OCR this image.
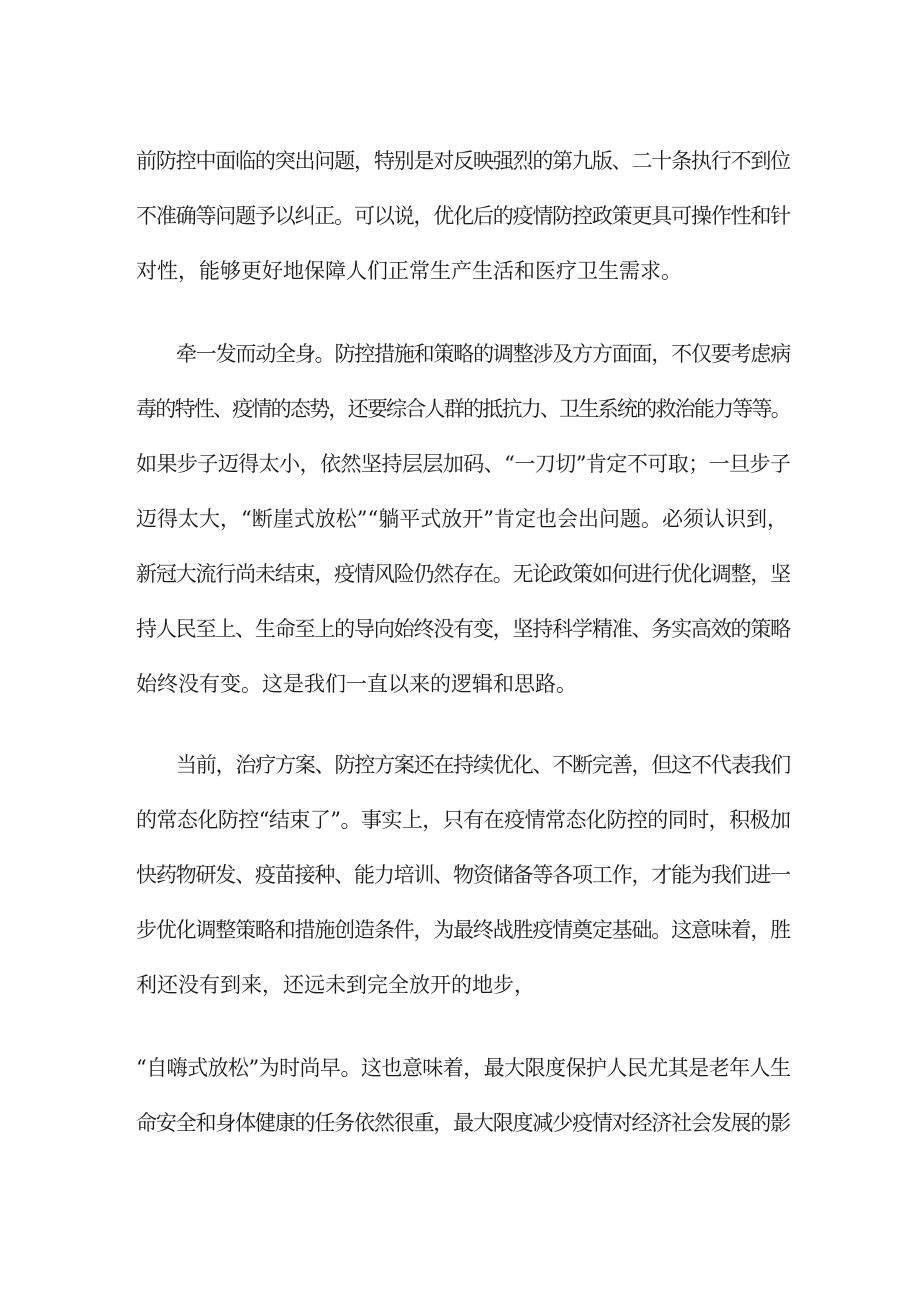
前防控中面临的突出问题，特别是对反映强烈的第九版、二十条执行不到位
不准确等问题予以纠正。可以说，优化后的疫情防控政策更具可操作性和针
对性，能够更好地保障人们正常生产生活和医疗卫生需求。
牵一发而动全身。防控措施和策略的调整涉及方方面面，不仅要考虑病
毒的特性、疫情的态势，还要综合人群的抵抗力、卫生系统的救治能力等等。
如果步子迈得太小，依然坚持层层加码、“一刀切”肯定不可取；一旦步子
迈得太大，“断崖式放松”“躺平式放开”肯定也会出问题。必须认识到，
新冠大流行尚未结束，疫情风险仍然存在。无论政策如何进行优化调整，坚
持人民至上、生命至上的导向始终没有变，坚持科学精准、务实高效的策略
始终没有变。这是我们一直以来的逻辑和思路。
当前，治疗方案、防控方案还在持续优化、不断完善，但这不代表我们
的常态化防控“结束了”。事实上，只有在疫情常态化防控的同时，积极加
快药物研发、疫苗接种、能力培训、物资储备等各项工作，才能为我们进一
步优化调整策略和措施创造条件，为最终战胜疫情奠定基础。这意味着，胜
利还没有到来，还远未到完全放开的地步，
“自嗨式放松”为时尚早。这也意味着，最大限度保护人民尤其是老年人生
命安全和身体健康的任务依然很重，最大限度减少疫情对经济社会发展的影
